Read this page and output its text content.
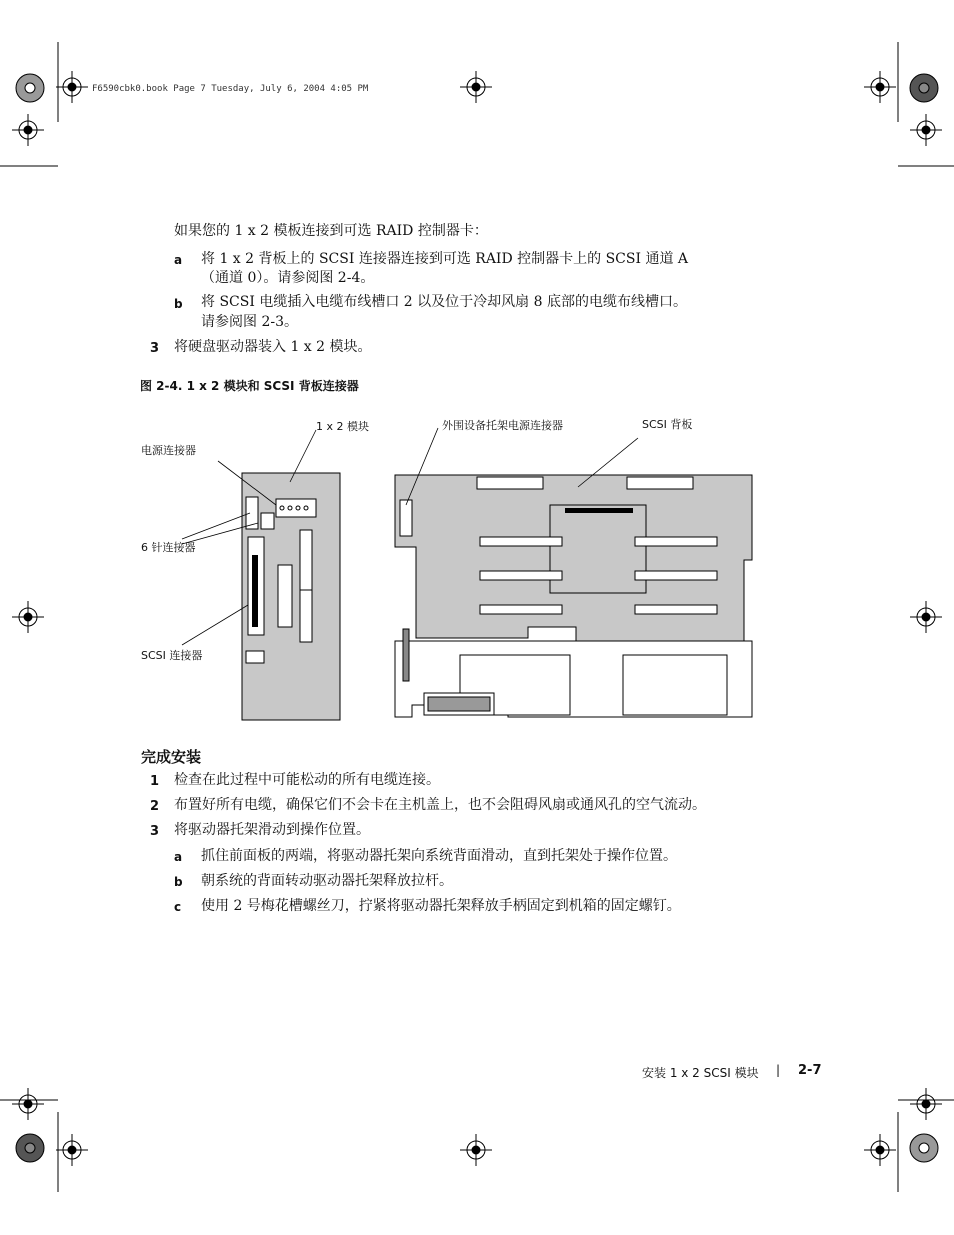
F6590cbk0.book Page 7 Tuesday, July 6, 2004 4:05 PM
如果您的 1 x 2 模板连接到可选 RAID 控制器卡：
a 将 1 x 2 背板上的 SCSI 连接器连接到可选 RAID 控制器卡上的 SCSI 通道 A
（通道 0）。请参阅图 2-4。
b 将 SCSI 电缆插入电缆布线槽口 2 以及位于冷却风扇 8 底部的电缆布线槽口。
请参阅图 2-3。
3 将硬盘驱动器装入 1 x 2 模块。
图 2-4. 1 x 2 模块和 SCSI 背板连接器
1 x 2 模块
电源连接器
6 针连接器
SCSI 连接器
外围设备托架电源连接器	SCSI 背板
完成安装
1 检查在此过程中可能松动的所有电缆连接。
2 布置好所有电缆，确保它们不会卡在主机盖上，也不会阻碍风扇或通风孔的空气流动。
3 将驱动器托架滑动到操作位置。
a 抓住前面板的两端，将驱动器托架向系统背面滑动，直到托架处于操作位置。
b 朝系统的背面转动驱动器托架释放拉杆。
c 使用 2 号梅花槽螺丝刀，拧紧将驱动器托架释放手柄固定到机箱的固定螺钉。
安装 1 x 2 SCSI 模块 | 2-7
